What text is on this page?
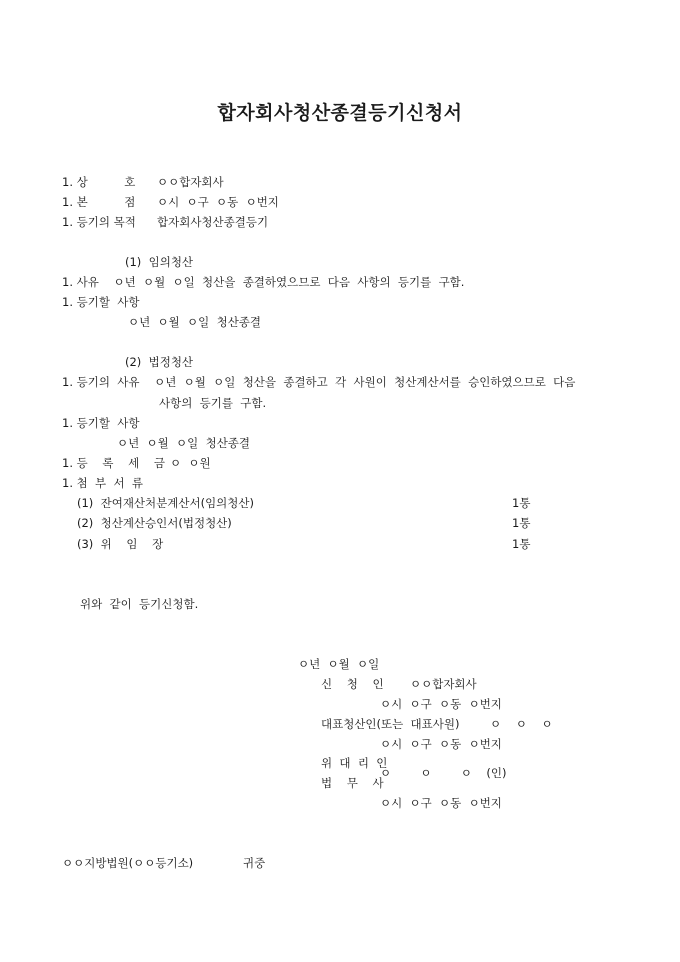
합자회사청산종결등기신청서
1. 상          호 ㅇㅇ합자회사
1. 본          점 ㅇ시  ㅇ구  ㅇ동  ㅇ번지
1. 등기의 목적 합자회사청산종결등기
(1)  임의청산
1. 사유    ㅇ년  ㅇ월  ㅇ일  청산을  종결하였으므로  다음  사항의  등기를  구함.
1. 등기할  사항
ㅇ년  ㅇ월  ㅇ일  청산종결
(2)  법정청산
1. 등기의  사유    ㅇ년  ㅇ월  ㅇ일  청산을  종결하고  각  사원이  청산계산서를  승인하였으므로  다음
사항의  등기를  구함.
1. 등기할  사항
ㅇ년  ㅇ월  ㅇ일  청산종결
1. 등    록    세    금 ㅇ  ㅇ원
1. 첨  부  서  류
(1)  잔여재산처분계산서(임의청산)	1통
(2)  청산계산승인서(법정청산)	1통
(3)  위    임    장	1통
위와  같이  등기신청함.
ㅇ년  ㅇ월  ㅇ일
신    청    인 ㅇㅇ합자회사
ㅇ시  ㅇ구  ㅇ동  ㅇ번지
대표청산인(또는  대표사원)	ㅇ    ㅇ    ㅇ
ㅇ시  ㅇ구  ㅇ동  ㅇ번지
위  대  리  인
법    무    사
ㅇ        ㅇ        ㅇ    (인)
ㅇ시  ㅇ구  ㅇ동  ㅇ번지
ㅇㅇ지방법원(ㅇㅇ등기소)	귀중
